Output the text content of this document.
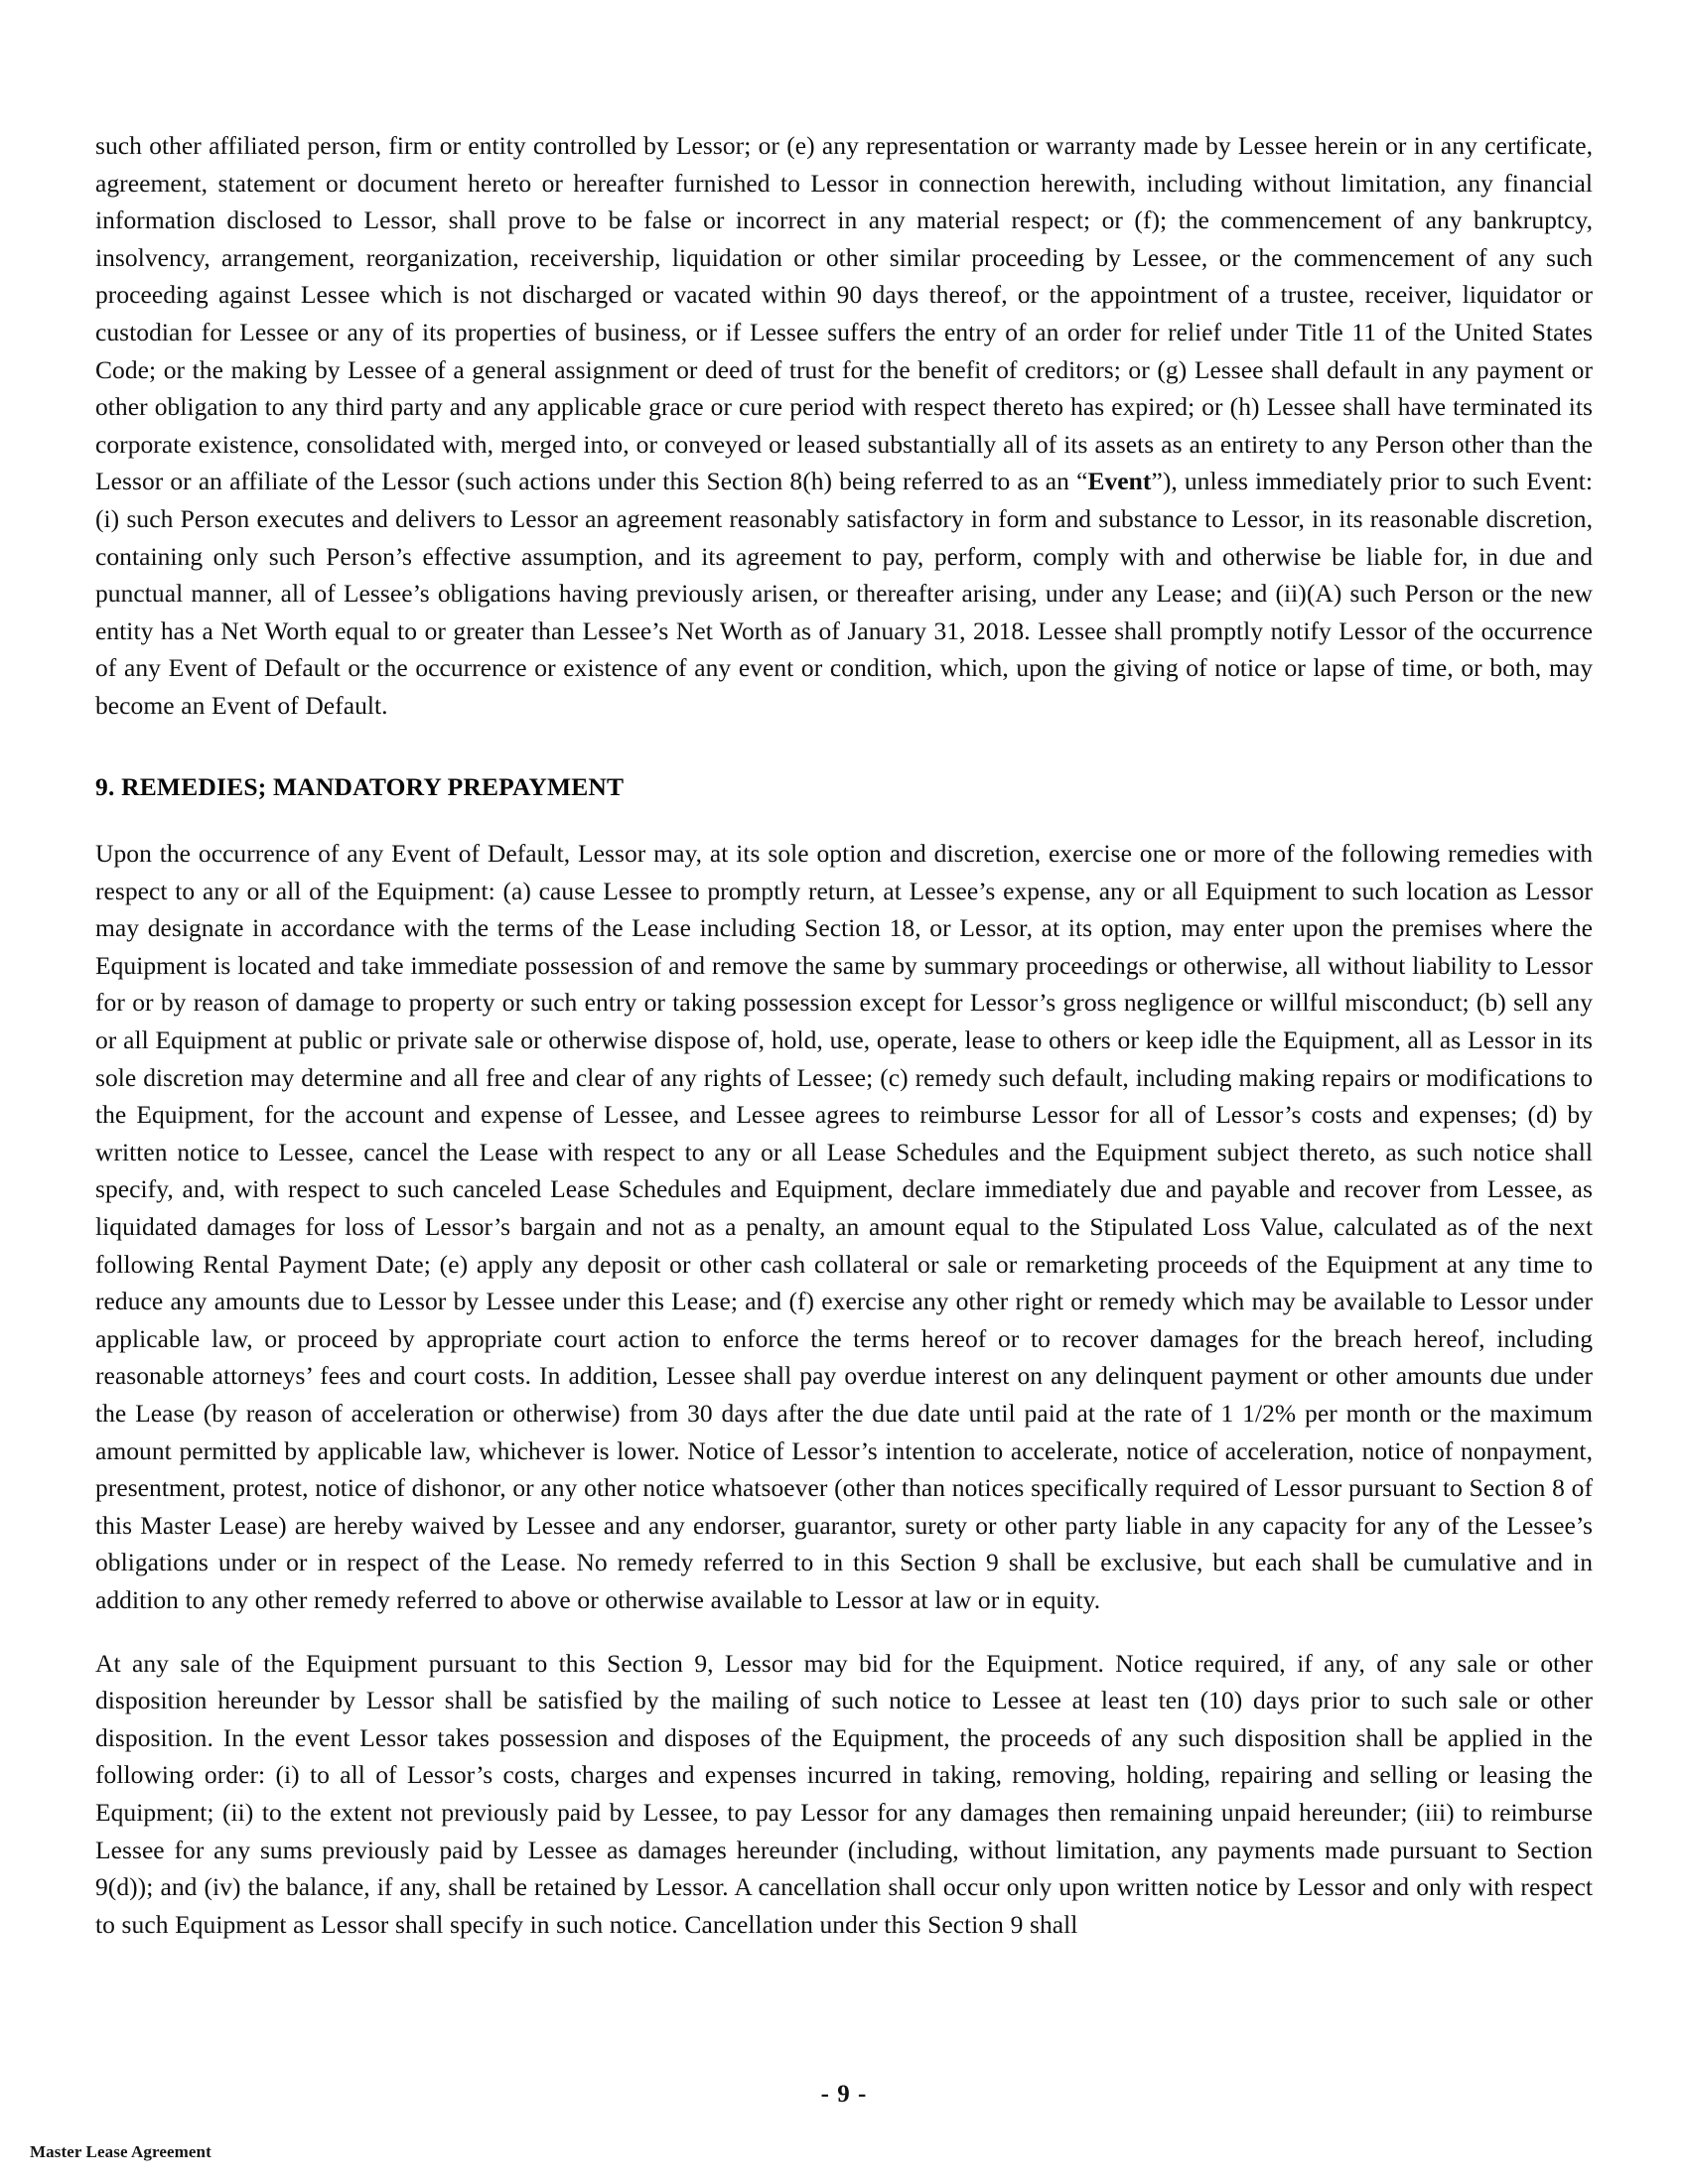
such other affiliated person, firm or entity controlled by Lessor; or (e) any representation or warranty made by Lessee herein or in any certificate, agreement, statement or document hereto or hereafter furnished to Lessor in connection herewith, including without limitation, any financial information disclosed to Lessor, shall prove to be false or incorrect in any material respect; or (f); the commencement of any bankruptcy, insolvency, arrangement, reorganization, receivership, liquidation or other similar proceeding by Lessee, or the commencement of any such proceeding against Lessee which is not discharged or vacated within 90 days thereof, or the appointment of a trustee, receiver, liquidator or custodian for Lessee or any of its properties of business, or if Lessee suffers the entry of an order for relief under Title 11 of the United States Code; or the making by Lessee of a general assignment or deed of trust for the benefit of creditors; or (g) Lessee shall default in any payment or other obligation to any third party and any applicable grace or cure period with respect thereto has expired; or (h) Lessee shall have terminated its corporate existence, consolidated with, merged into, or conveyed or leased substantially all of its assets as an entirety to any Person other than the Lessor or an affiliate of the Lessor (such actions under this Section 8(h) being referred to as an “Event”), unless immediately prior to such Event: (i) such Person executes and delivers to Lessor an agreement reasonably satisfactory in form and substance to Lessor, in its reasonable discretion, containing only such Person’s effective assumption, and its agreement to pay, perform, comply with and otherwise be liable for, in due and punctual manner, all of Lessee’s obligations having previously arisen, or thereafter arising, under any Lease; and (ii)(A) such Person or the new entity has a Net Worth equal to or greater than Lessee’s Net Worth as of January 31, 2018. Lessee shall promptly notify Lessor of the occurrence of any Event of Default or the occurrence or existence of any event or condition, which, upon the giving of notice or lapse of time, or both, may become an Event of Default.

9. REMEDIES; MANDATORY PREPAYMENT

Upon the occurrence of any Event of Default, Lessor may, at its sole option and discretion, exercise one or more of the following remedies with respect to any or all of the Equipment: (a) cause Lessee to promptly return, at Lessee’s expense, any or all Equipment to such location as Lessor may designate in accordance with the terms of the Lease including Section 18, or Lessor, at its option, may enter upon the premises where the Equipment is located and take immediate possession of and remove the same by summary proceedings or otherwise, all without liability to Lessor for or by reason of damage to property or such entry or taking possession except for Lessor’s gross negligence or willful misconduct; (b) sell any or all Equipment at public or private sale or otherwise dispose of, hold, use, operate, lease to others or keep idle the Equipment, all as Lessor in its sole discretion may determine and all free and clear of any rights of Lessee; (c) remedy such default, including making repairs or modifications to the Equipment, for the account and expense of Lessee, and Lessee agrees to reimburse Lessor for all of Lessor’s costs and expenses; (d) by written notice to Lessee, cancel the Lease with respect to any or all Lease Schedules and the Equipment subject thereto, as such notice shall specify, and, with respect to such canceled Lease Schedules and Equipment, declare immediately due and payable and recover from Lessee, as liquidated damages for loss of Lessor’s bargain and not as a penalty, an amount equal to the Stipulated Loss Value, calculated as of the next following Rental Payment Date; (e) apply any deposit or other cash collateral or sale or remarketing proceeds of the Equipment at any time to reduce any amounts due to Lessor by Lessee under this Lease; and (f) exercise any other right or remedy which may be available to Lessor under applicable law, or proceed by appropriate court action to enforce the terms hereof or to recover damages for the breach hereof, including reasonable attorneys’ fees and court costs. In addition, Lessee shall pay overdue interest on any delinquent payment or other amounts due under the Lease (by reason of acceleration or otherwise) from 30 days after the due date until paid at the rate of 1 1/2% per month or the maximum amount permitted by applicable law, whichever is lower. Notice of Lessor’s intention to accelerate, notice of acceleration, notice of nonpayment, presentment, protest, notice of dishonor, or any other notice whatsoever (other than notices specifically required of Lessor pursuant to Section 8 of this Master Lease) are hereby waived by Lessee and any endorser, guarantor, surety or other party liable in any capacity for any of the Lessee’s obligations under or in respect of the Lease. No remedy referred to in this Section 9 shall be exclusive, but each shall be cumulative and in addition to any other remedy referred to above or otherwise available to Lessor at law or in equity.

At any sale of the Equipment pursuant to this Section 9, Lessor may bid for the Equipment. Notice required, if any, of any sale or other disposition hereunder by Lessor shall be satisfied by the mailing of such notice to Lessee at least ten (10) days prior to such sale or other disposition. In the event Lessor takes possession and disposes of the Equipment, the proceeds of any such disposition shall be applied in the following order: (i) to all of Lessor’s costs, charges and expenses incurred in taking, removing, holding, repairing and selling or leasing the Equipment; (ii) to the extent not previously paid by Lessee, to pay Lessor for any damages then remaining unpaid hereunder; (iii) to reimburse Lessee for any sums previously paid by Lessee as damages hereunder (including, without limitation, any payments made pursuant to Section 9(d)); and (iv) the balance, if any, shall be retained by Lessor. A cancellation shall occur only upon written notice by Lessor and only with respect to such Equipment as Lessor shall specify in such notice. Cancellation under this Section 9 shall

- 9 -
Master Lease Agreement
